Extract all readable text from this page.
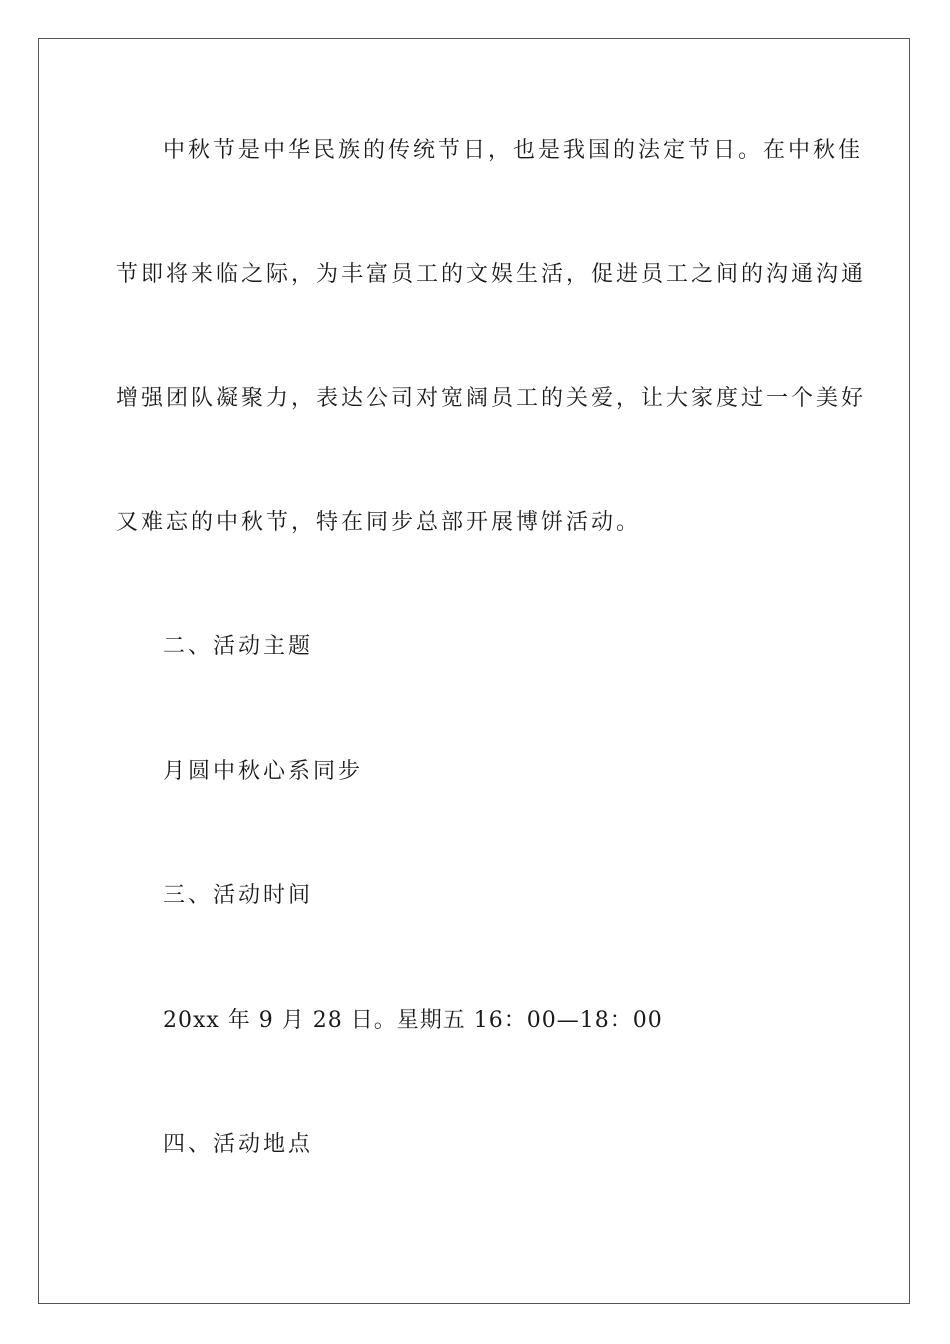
中秋节是中华民族的传统节日，也是我国的法定节日。在中秋佳
节即将来临之际，为丰富员工的文娱生活，促进员工之间的沟通沟通
增强团队凝聚力，表达公司对宽阔员工的关爱，让大家度过一个美好
又难忘的中秋节，特在同步总部开展博饼活动。
二、活动主题
月圆中秋心系同步
三、活动时间
20xx 年 9 月 28 日。星期五 16：00—18：00
四、活动地点
